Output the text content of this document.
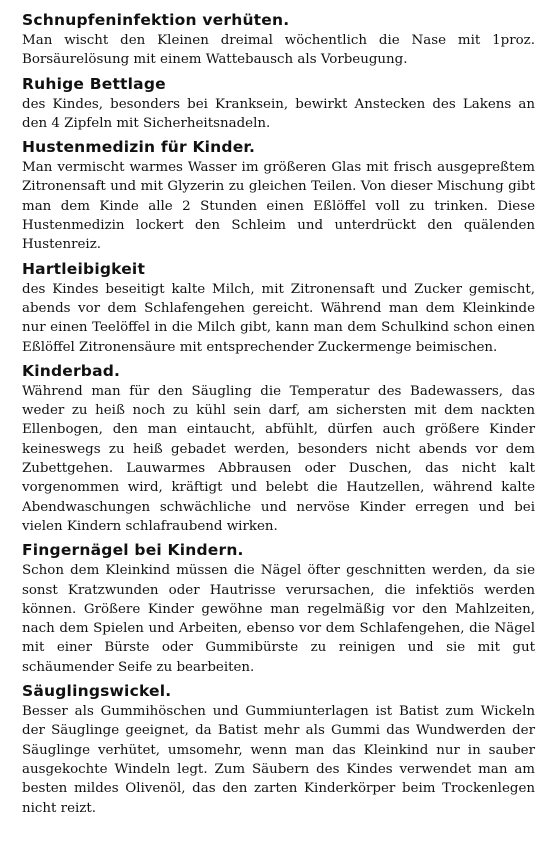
Schnupfeninfektion verhüten.

Man wischt den Kleinen dreimal wöchentlich die Nase mit 1proz. Borsäurelösung mit einem Wattebausch als Vorbeugung.

Ruhige Bettlage

des Kindes, besonders bei Kranksein, bewirkt Anstecken des Lakens an den 4 Zipfeln mit Sicherheitsnadeln.

Hustenmedizin für Kinder.

Man vermischt warmes Wasser im größeren Glas mit frisch ausgepreßtem Zitronensaft und mit Glyzerin zu gleichen Teilen. Von dieser Mischung gibt man dem Kinde alle 2 Stunden einen Eßlöffel voll zu trinken. Diese Hustenmedizin lockert den Schleim und unterdrückt den quälenden Hustenreiz.

Hartleibigkeit

des Kindes beseitigt kalte Milch, mit Zitronensaft und Zucker gemischt, abends vor dem Schlafengehen gereicht. Während man dem Kleinkinde nur einen Teelöffel in die Milch gibt, kann man dem Schulkind schon einen Eßlöffel Zitronensäure mit entsprechender Zuckermenge beimischen.

Kinderbad.

Während man für den Säugling die Temperatur des Badewassers, das weder zu heiß noch zu kühl sein darf, am sichersten mit dem nackten Ellenbogen, den man eintaucht, abfühlt, dürfen auch größere Kinder keineswegs zu heiß gebadet werden, besonders nicht abends vor dem Zubettgehen. Lauwarmes Abbrausen oder Duschen, das nicht kalt vorgenommen wird, kräftigt und belebt die Hautzellen, während kalte Abendwaschungen schwächliche und nervöse Kinder erregen und bei vielen Kindern schlafraubend wirken.

Fingernägel bei Kindern.

Schon dem Kleinkind müssen die Nägel öfter geschnitten werden, da sie sonst Kratzwunden oder Hautrisse verursachen, die infektiös werden können. Größere Kinder gewöhne man regelmäßig vor den Mahlzeiten, nach dem Spielen und Arbeiten, ebenso vor dem Schlafengehen, die Nägel mit einer Bürste oder Gummibürste zu reinigen und sie mit gut schäumender Seife zu bearbeiten.

Säuglingswickel.

Besser als Gummihöschen und Gummiunterlagen ist Batist zum Wickeln der Säuglinge geeignet, da Batist mehr als Gummi das Wundwerden der Säuglinge verhütet, umsomehr, wenn man das Kleinkind nur in sauber ausgekochte Windeln legt. Zum Säubern des Kindes verwendet man am besten mildes Olivenöl, das den zarten Kinderkörper beim Trockenlegen nicht reizt.
